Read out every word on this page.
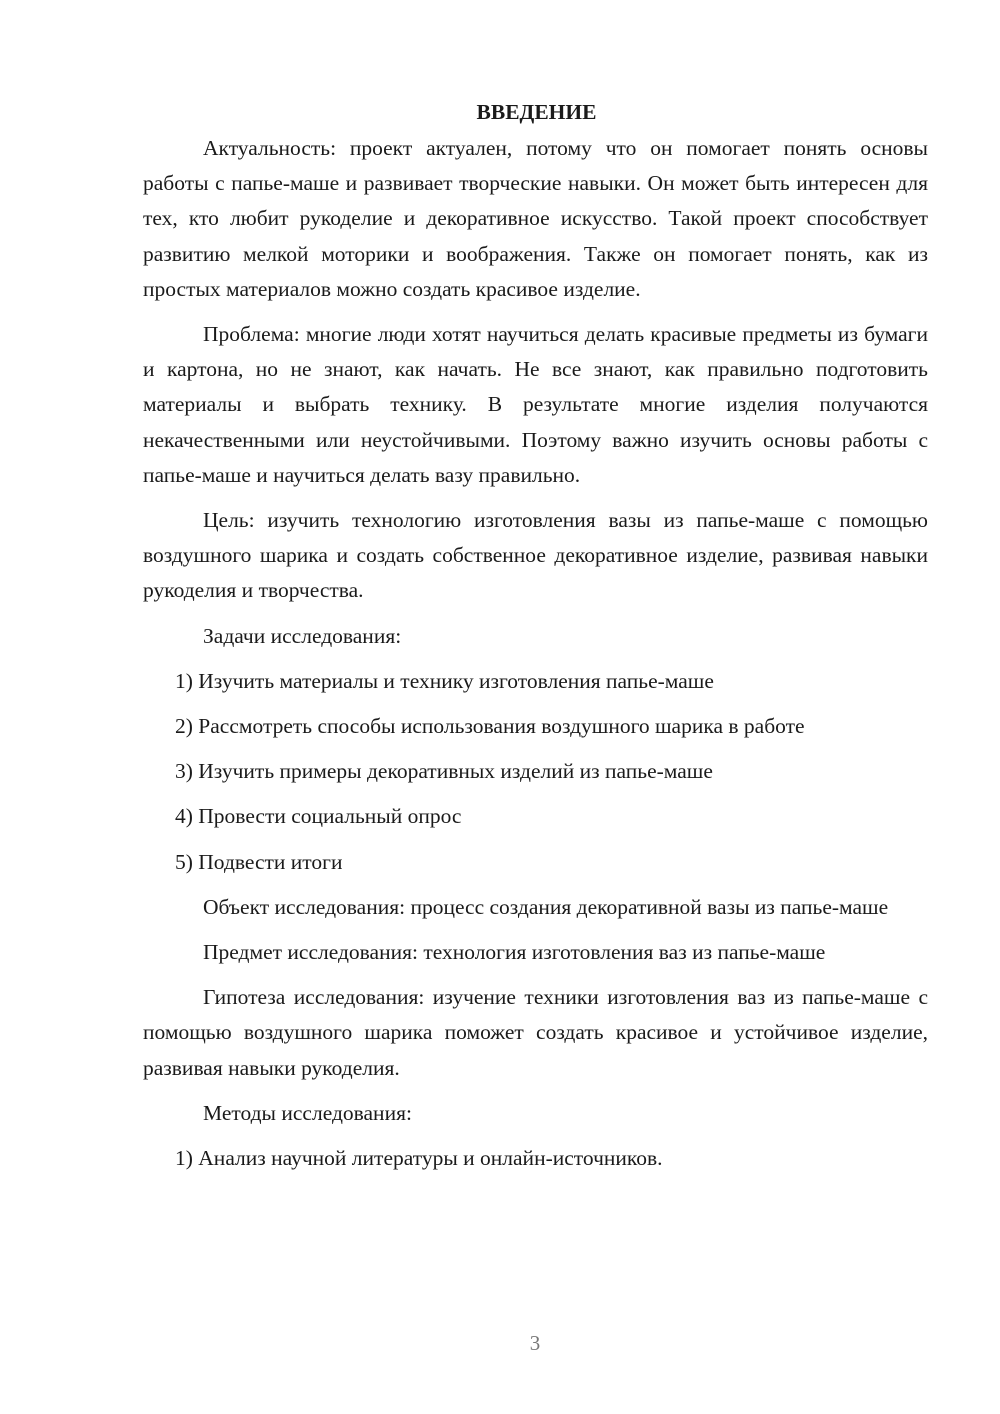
ВВЕДЕНИЕ

Актуальность: проект актуален, потому что он помогает понять основы работы с папье-маше и развивает творческие навыки. Он может быть интересен для тех, кто любит рукоделие и декоративное искусство. Такой проект способствует развитию мелкой моторики и воображения. Также он помогает понять, как из простых материалов можно создать красивое изделие.

Проблема: многие люди хотят научиться делать красивые предметы из бумаги и картона, но не знают, как начать. Не все знают, как правильно подготовить материалы и выбрать технику. В результате многие изделия получаются некачественными или неустойчивыми. Поэтому важно изучить основы работы с папье-маше и научиться делать вазу правильно.

Цель: изучить технологию изготовления вазы из папье-маше с помощью воздушного шарика и создать собственное декоративное изделие, развивая навыки рукоделия и творчества.

Задачи исследования:

1) Изучить материалы и технику изготовления папье-маше
2) Рассмотреть способы использования воздушного шарика в работе
3) Изучить примеры декоративных изделий из папье-маше
4) Провести социальный опрос
5) Подвести итоги

Объект исследования: процесс создания декоративной вазы из папье-маше

Предмет исследования: технология изготовления ваз из папье-маше

Гипотеза исследования: изучение техники изготовления ваз из папье-маше с помощью воздушного шарика поможет создать красивое и устойчивое изделие, развивая навыки рукоделия.

Методы исследования:

1) Анализ научной литературы и онлайн-источников.
3
